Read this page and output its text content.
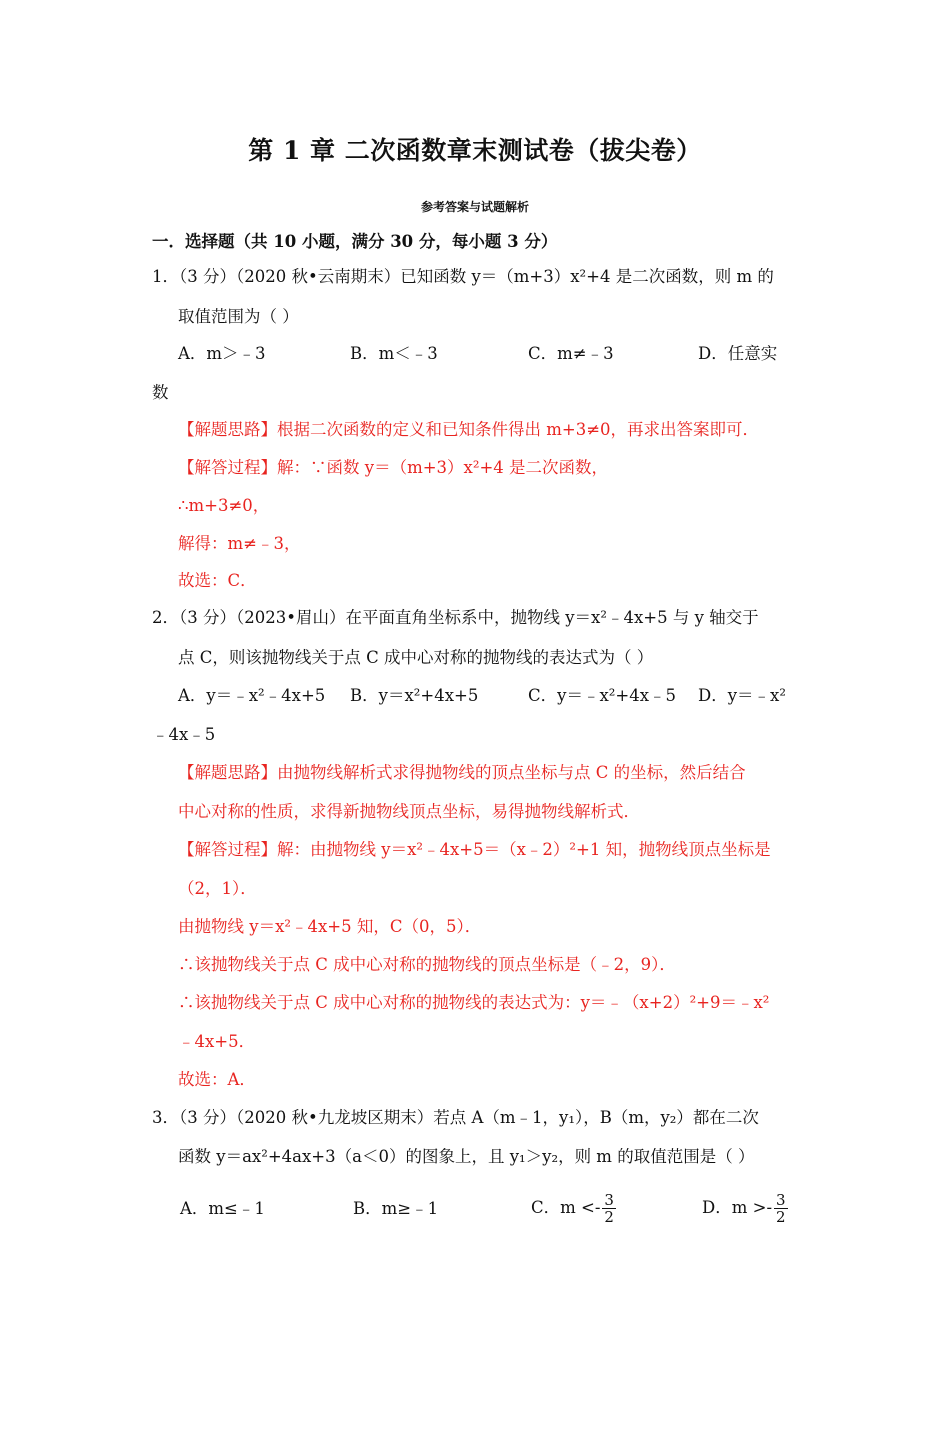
第 1 章 二次函数章末测试卷（拔尖卷）
参考答案与试题解析
一．选择题（共 10 小题，满分 30 分，每小题 3 分）
1．（3 分）（2020 秋•云南期末）已知函数 y＝（m+3）x²+4 是二次函数，则 m 的
取值范围为（ ）
A．m＞﹣3	B．m＜﹣3	C．m≠﹣3	D．任意实
数
【解题思路】根据二次函数的定义和已知条件得出 m+3≠0，再求出答案即可．
【解答过程】解：∵函数 y＝（m+3）x²+4 是二次函数，
∴m+3≠0，
解得：m≠﹣3，
故选：C．
2．（3 分）（2023•眉山）在平面直角坐标系中，抛物线 y＝x²﹣4x+5 与 y 轴交于
点 C，则该抛物线关于点 C 成中心对称的抛物线的表达式为（ ）
A．y＝﹣x²﹣4x+5 B．y＝x²+4x+5	C．y＝﹣x²+4x﹣5 D．y＝﹣x²
﹣4x﹣5
【解题思路】由抛物线解析式求得抛物线的顶点坐标与点 C 的坐标，然后结合
中心对称的性质，求得新抛物线顶点坐标，易得抛物线解析式．
【解答过程】解：由抛物线 y＝x²﹣4x+5＝（x﹣2）²+1 知，抛物线顶点坐标是
（2，1）．
由抛物线 y＝x²﹣4x+5 知，C（0，5）．
∴该抛物线关于点 C 成中心对称的抛物线的顶点坐标是（﹣2，9）．
∴该抛物线关于点 C 成中心对称的抛物线的表达式为：y＝﹣（x+2）²+9＝﹣x²
﹣4x+5．
故选：A．
3．（3 分）（2020 秋•九龙坡区期末）若点 A（m﹣1，y₁），B（m，y₂）都在二次
函数 y＝ax²+4ax+3（a＜0）的图象上，且 y₁＞y₂，则 m 的取值范围是（ ）
A．m≤﹣1	B．m≥﹣1	C．$m <- \frac{3}{2}$	D．$m >- \frac{3}{2}$
